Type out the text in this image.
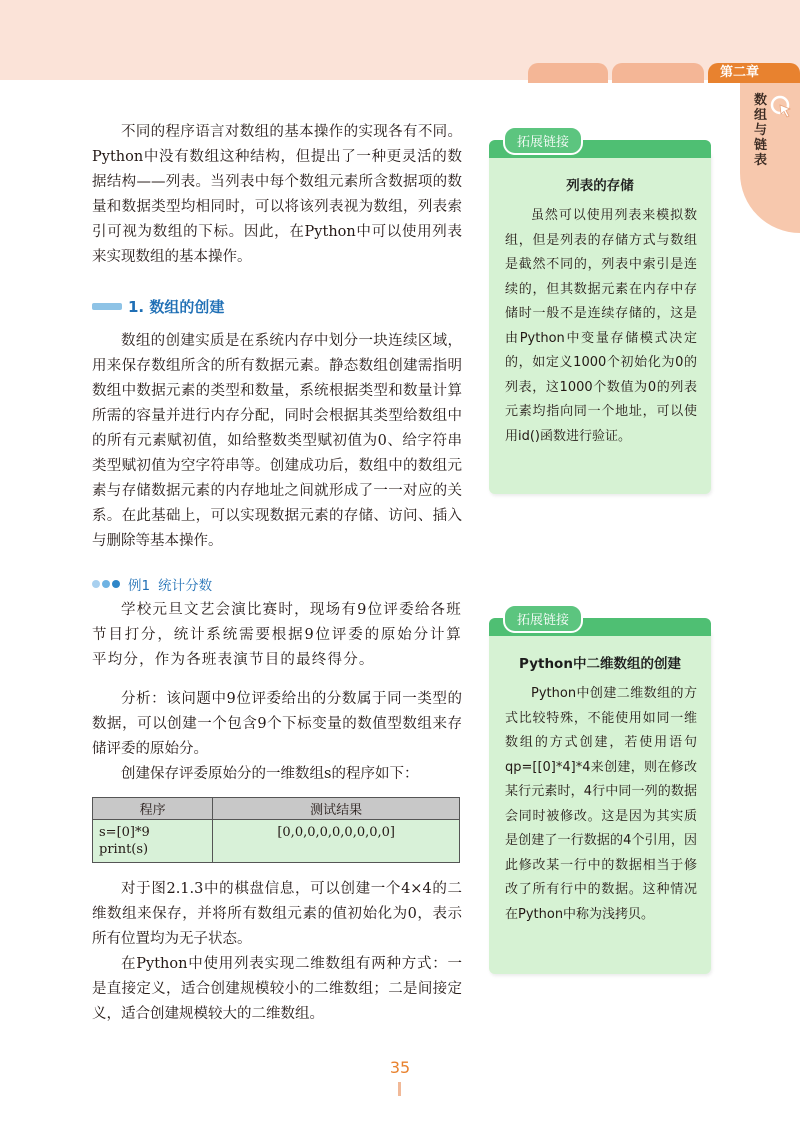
第二章
数组与链表

不同的程序语言对数组的基本操作的实现各有不同。Python中没有数组这种结构，但提出了一种更灵活的数据结构——列表。当列表中每个数组元素所含数据项的数量和数据类型均相同时，可以将该列表视为数组，列表索引可视为数组的下标。因此，在Python中可以使用列表来实现数组的基本操作。

1. 数组的创建

数组的创建实质是在系统内存中划分一块连续区域，用来保存数组所含的所有数据元素。静态数组创建需指明数组中数据元素的类型和数量，系统根据类型和数量计算所需的容量并进行内存分配，同时会根据其类型给数组中的所有元素赋初值，如给整数类型赋初值为0、给字符串类型赋初值为空字符串等。创建成功后，数组中的数组元素与存储数据元素的内存地址之间就形成了一一对应的关系。在此基础上，可以实现数据元素的存储、访问、插入与删除等基本操作。

例1 统计分数

学校元旦文艺会演比赛时，现场有9位评委给各班节目打分，统计系统需要根据9位评委的原始分计算平均分，作为各班表演节目的最终得分。

分析：该问题中9位评委给出的分数属于同一类型的数据，可以创建一个包含9个下标变量的数值型数组来存储评委的原始分。

创建保存评委原始分的一维数组s的程序如下：

程序	测试结果

s=[0]*9
print(s)	[0,0,0,0,0,0,0,0,0]

对于图2.1.3中的棋盘信息，可以创建一个4×4的二维数组来保存，并将所有数组元素的值初始化为0，表示所有位置均为无子状态。

在Python中使用列表实现二维数组有两种方式：一是直接定义，适合创建规模较小的二维数组；二是间接定义，适合创建规模较大的二维数组。

拓展链接
列表的存储

虽然可以使用列表来模拟数组，但是列表的存储方式与数组是截然不同的，列表中索引是连续的，但其数据元素在内存中存储时一般不是连续存储的，这是由Python中变量存储模式决定的，如定义1000个初始化为0的列表，这1000个数值为0的列表元素均指向同一个地址，可以使用id()函数进行验证。

拓展链接
Python中二维数组的创建

Python中创建二维数组的方式比较特殊，不能使用如同一维数组的方式创建，若使用语句qp=[[0]*4]*4来创建，则在修改某行元素时，4行中同一列的数据会同时被修改。这是因为其实质是创建了一行数据的4个引用，因此修改某一行中的数据相当于修改了所有行中的数据。这种情况在Python中称为浅拷贝。

35
